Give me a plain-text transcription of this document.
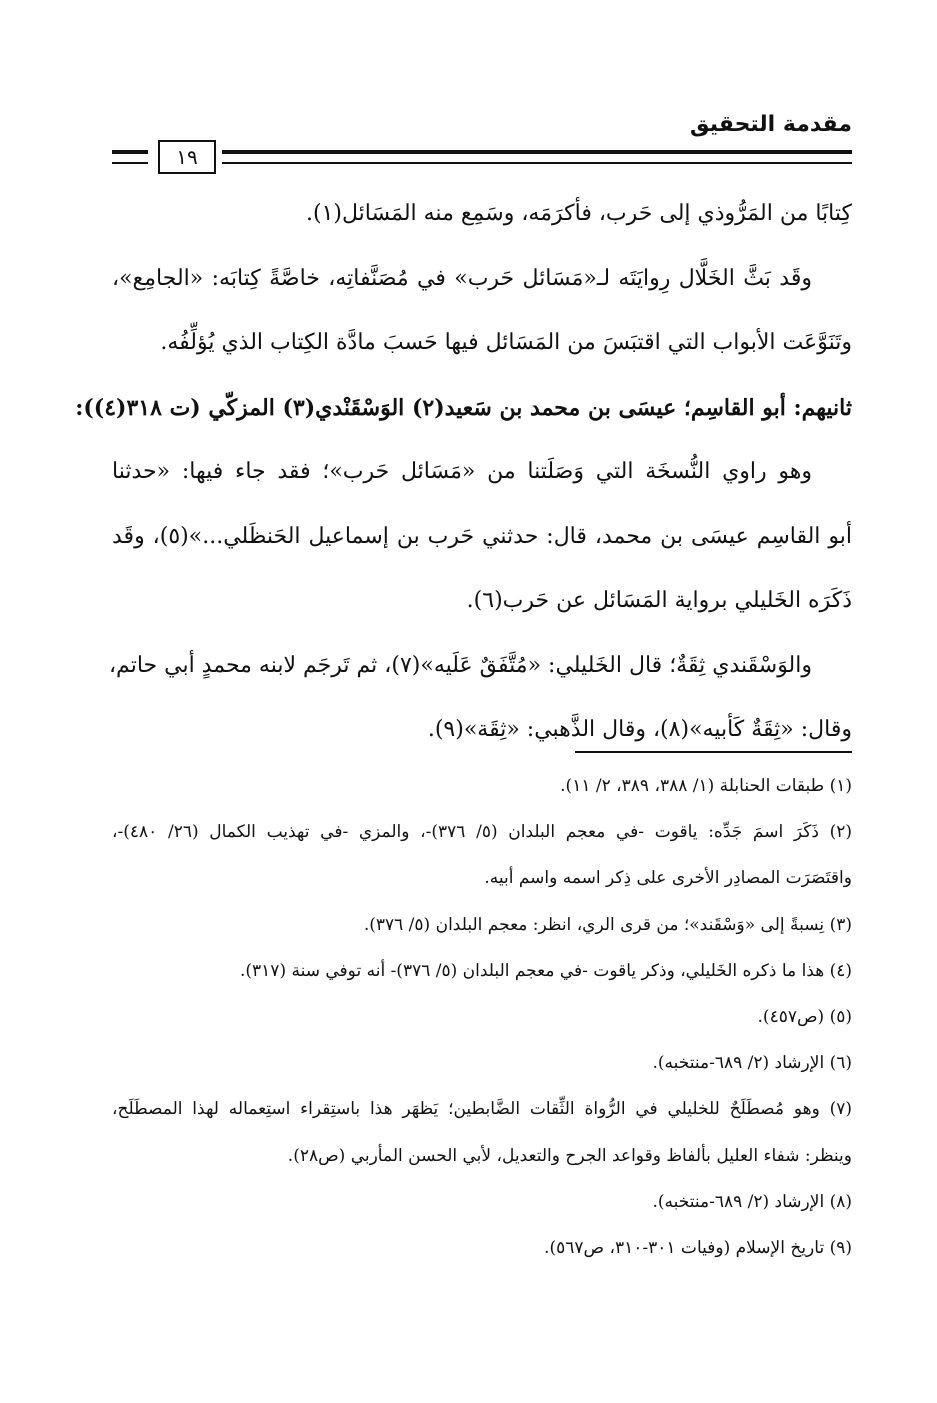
مقدمة التحقيق
١٩
كِتابًا من المَرُّوذي إلى حَرب، فأكرَمَه، وسَمِع منه المَسَائل(١).
وقَد بَثَّ الخَلَّال رِوايَتَه لـ«مَسَائل حَرب» في مُصَنَّفاتِه، خاصَّةً كِتابَه: «الجامِع»،
وتَنَوَّعَت الأبواب التي اقتبَسَ من المَسَائل فيها حَسبَ مادَّة الكِتاب الذي يُؤلِّفُه.
ثانيهم: أبو القاسِم؛ عيسَى بن محمد بن سَعيد(٢) الوَسْقَنْدي(٣) المزكّي (ت ٣١٨(٤)):
وهو راوي النُّسخَة التي وَصَلَتنا من «مَسَائل حَرب»؛ فقد جاء فيها: «حدثنا
أبو القاسِم عيسَى بن محمد، قال: حدثني حَرب بن إسماعيل الحَنظَلي...»(٥)، وقَد
ذَكَرَه الخَليلي برواية المَسَائل عن حَرب(٦).
والوَسْقَندي ثِقَةٌ؛ قال الخَليلي: «مُتَّفَقٌ عَلَيه»(٧)، ثم تَرجَم لابنه محمدٍ أبي حاتم،
وقال: «ثِقَةٌ كَأبيه»(٨)، وقال الذَّهبي: «ثِقَة»(٩).
(١) طبقات الحنابلة (١/ ٣٨٨، ٣٨٩، ٢/ ١١).
(٢) ذَكَرَ اسمَ جَدِّه: ياقوت -في معجم البلدان (٥/ ٣٧٦)-، والمزي -في تهذيب الكمال (٢٦/ ٤٨٠)-،
واقتَصَرَت المصادِر الأخرى على ذِكر اسمه واسم أبيه.
(٣) نِسبةً إلى «وَسْقَند»؛ من قرى الري، انظر: معجم البلدان (٥/ ٣٧٦).
(٤) هذا ما ذكره الخَليلي، وذكر ياقوت -في معجم البلدان (٥/ ٣٧٦)- أنه توفي سنة (٣١٧).
(٥) (ص٤٥٧).
(٦) الإرشاد (٢/ ٦٨٩-منتخبه).
(٧) وهو مُصطَلَحٌ للخليلي في الرُّواة الثِّقات الضَّابطين؛ يَظهَر هذا باستِقراء استِعماله لهذا المصطَلَح،
وينظر: شفاء العليل بألفاظ وقواعد الجرح والتعديل، لأبي الحسن المأربي (ص٢٨).
(٨) الإرشاد (٢/ ٦٨٩-منتخبه).
(٩) تاريخ الإسلام (وفيات ٣٠١-٣١٠، ص٥٦٧).
